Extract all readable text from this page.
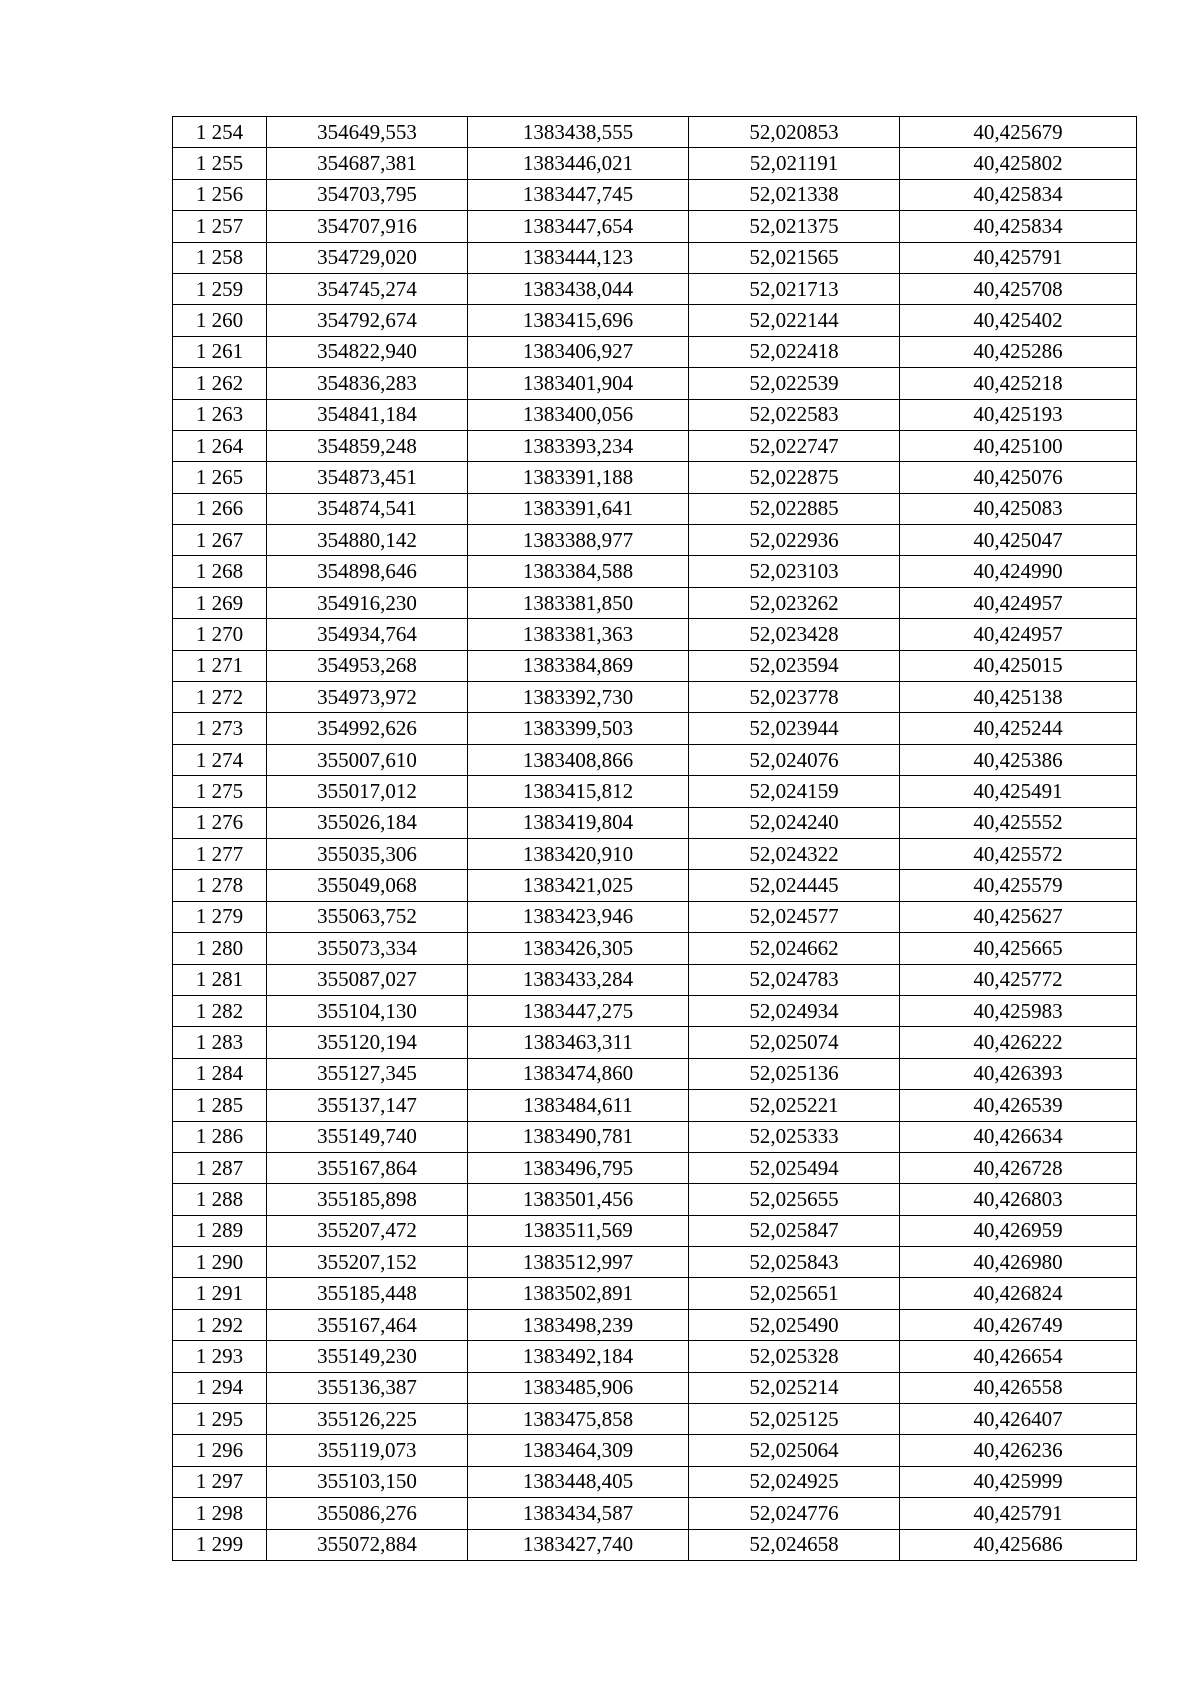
1 254	354649,553	1383438,555	52,020853	40,425679
1 255	354687,381	1383446,021	52,021191	40,425802
1 256	354703,795	1383447,745	52,021338	40,425834
1 257	354707,916	1383447,654	52,021375	40,425834
1 258	354729,020	1383444,123	52,021565	40,425791
1 259	354745,274	1383438,044	52,021713	40,425708
1 260	354792,674	1383415,696	52,022144	40,425402
1 261	354822,940	1383406,927	52,022418	40,425286
1 262	354836,283	1383401,904	52,022539	40,425218
1 263	354841,184	1383400,056	52,022583	40,425193
1 264	354859,248	1383393,234	52,022747	40,425100
1 265	354873,451	1383391,188	52,022875	40,425076
1 266	354874,541	1383391,641	52,022885	40,425083
1 267	354880,142	1383388,977	52,022936	40,425047
1 268	354898,646	1383384,588	52,023103	40,424990
1 269	354916,230	1383381,850	52,023262	40,424957
1 270	354934,764	1383381,363	52,023428	40,424957
1 271	354953,268	1383384,869	52,023594	40,425015
1 272	354973,972	1383392,730	52,023778	40,425138
1 273	354992,626	1383399,503	52,023944	40,425244
1 274	355007,610	1383408,866	52,024076	40,425386
1 275	355017,012	1383415,812	52,024159	40,425491
1 276	355026,184	1383419,804	52,024240	40,425552
1 277	355035,306	1383420,910	52,024322	40,425572
1 278	355049,068	1383421,025	52,024445	40,425579
1 279	355063,752	1383423,946	52,024577	40,425627
1 280	355073,334	1383426,305	52,024662	40,425665
1 281	355087,027	1383433,284	52,024783	40,425772
1 282	355104,130	1383447,275	52,024934	40,425983
1 283	355120,194	1383463,311	52,025074	40,426222
1 284	355127,345	1383474,860	52,025136	40,426393
1 285	355137,147	1383484,611	52,025221	40,426539
1 286	355149,740	1383490,781	52,025333	40,426634
1 287	355167,864	1383496,795	52,025494	40,426728
1 288	355185,898	1383501,456	52,025655	40,426803
1 289	355207,472	1383511,569	52,025847	40,426959
1 290	355207,152	1383512,997	52,025843	40,426980
1 291	355185,448	1383502,891	52,025651	40,426824
1 292	355167,464	1383498,239	52,025490	40,426749
1 293	355149,230	1383492,184	52,025328	40,426654
1 294	355136,387	1383485,906	52,025214	40,426558
1 295	355126,225	1383475,858	52,025125	40,426407
1 296	355119,073	1383464,309	52,025064	40,426236
1 297	355103,150	1383448,405	52,024925	40,425999
1 298	355086,276	1383434,587	52,024776	40,425791
1 299	355072,884	1383427,740	52,024658	40,425686
